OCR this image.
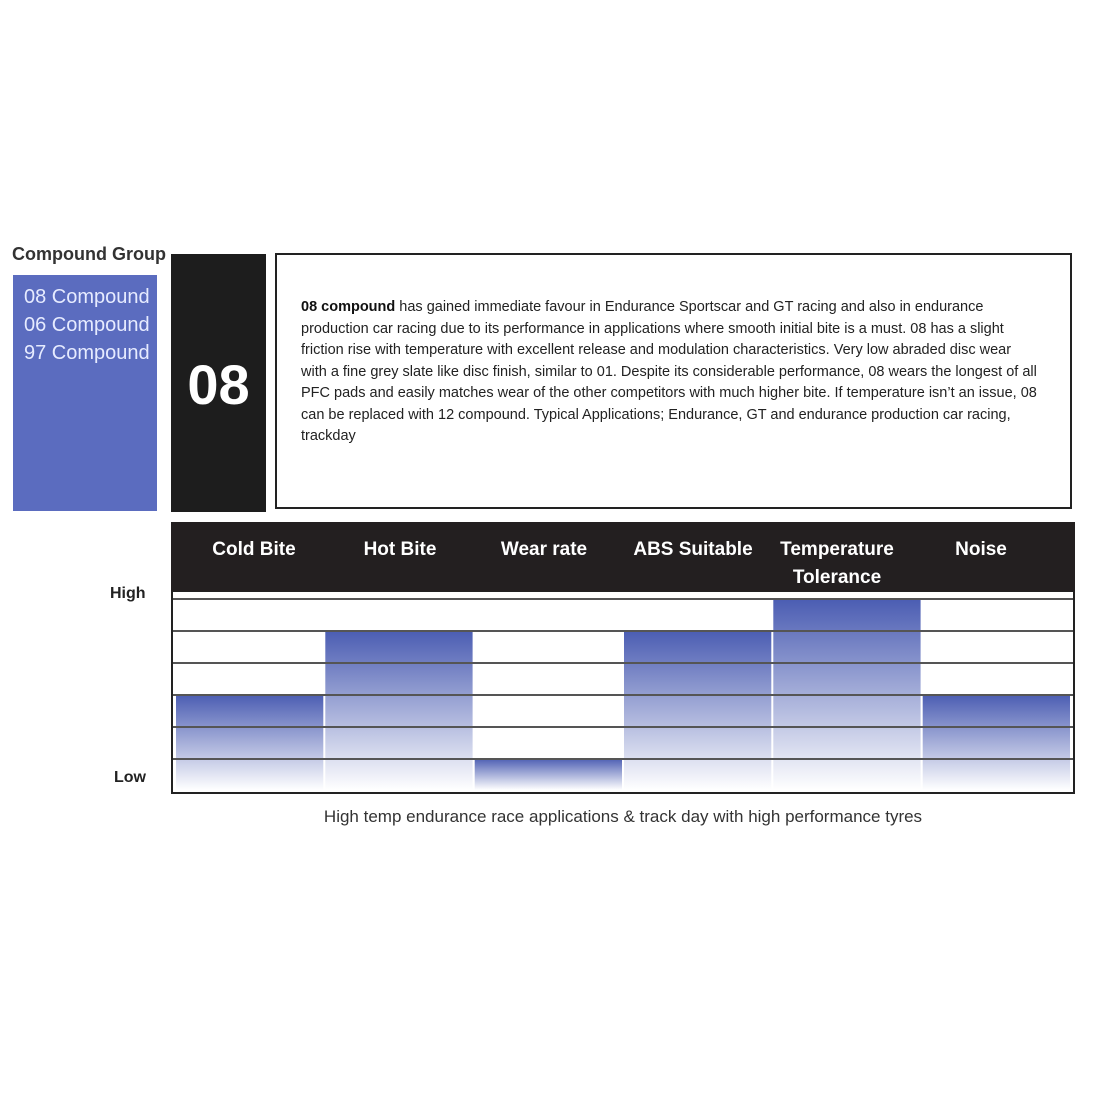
Compound Group
08 Compound
06 Compound
97 Compound 08

08 compound has gained immediate favour in Endurance Sportscar and GT racing and also in endurance production car racing due to its performance in applications where smooth initial bite is a must. 08 has a slight friction rise with temperature with excellent release and modulation characteristics. Very low abraded disc wear with a fine grey slate like disc finish, similar to 01. Despite its considerable performance, 08 wears the longest of all PFC pads and easily matches wear of the other competitors with much higher bite. If temperature isn’t an issue, 08 can be replaced with 12 compound. Typical Applications; Endurance, GT and endurance production car racing, trackday

Cold Bite	Hot Bite	Wear rate	ABS Suitable	Temperature Tolerance
Noise
High
Low
High temp endurance race applications & track day with high performance tyres
